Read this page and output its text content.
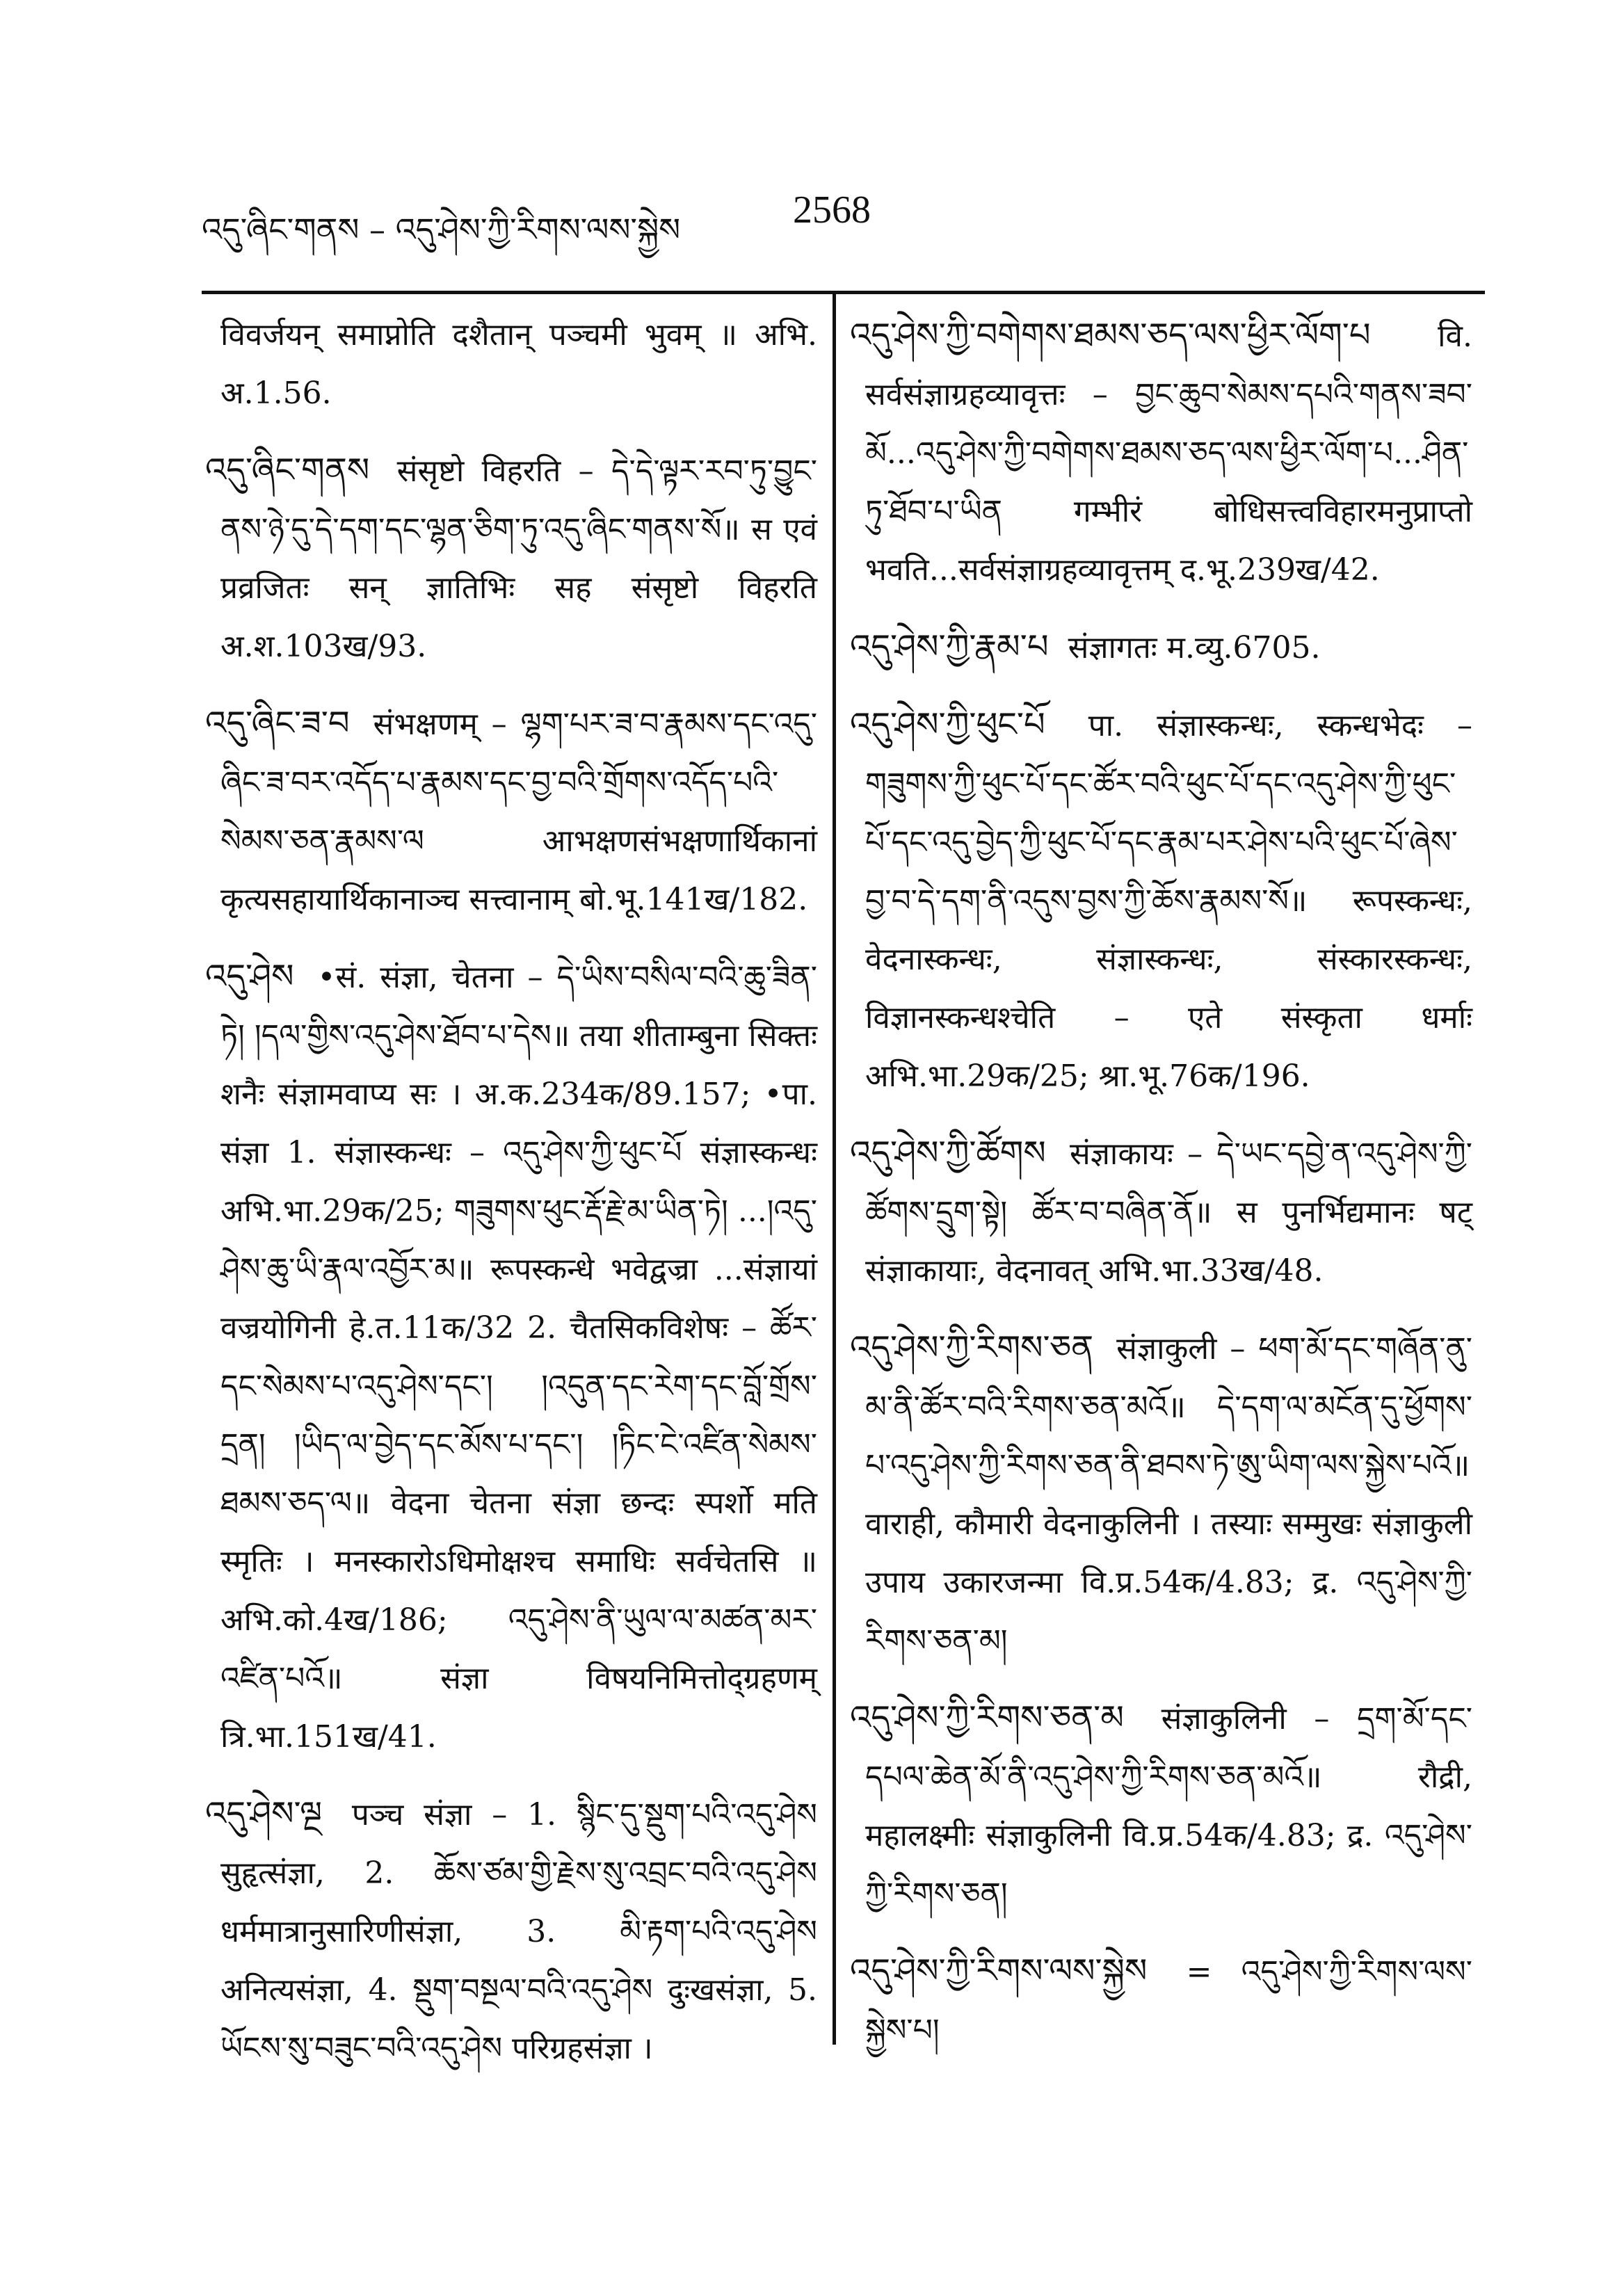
འདུ་ཞིང་གནས – འདུ་ཤེས་ཀྱི་རིགས་ལས་སྐྱེས	2568

विवर्जयन् समाप्नोति दशैतान् पञ्चमी भुवम् ॥ अभि. अ.1.56.

འདུ་ཞིང་གནས संसृष्टो विहरति – དེ་དེ་ལྟར་རབ་ཏུ་བྱུང་ནས་ཉེ་དུ་དེ་དག་དང་ལྷན་ཅིག་ཏུ་འདུ་ཞིང་གནས་སོ॥ स एवं प्रव्रजितः सन् ज्ञातिभिः सह संसृष्टो विहरति अ.श.103ख/93.

འདུ་ཞིང་ཟ་བ संभक्षणम् – ལྷག་པར་ཟ་བ་རྣམས་དང་འདུ་ཞིང་ཟ་བར་འདོད་པ་རྣམས་དང་བྱ་བའི་གྲོགས་འདོད་པའི་སེམས་ཅན་རྣམས་ལ आभक्षणसंभक्षणार्थिकानां कृत्यसहायार्थिकानाञ्च सत्त्वानाम् बो.भू.141ख/182.

འདུ་ཤེས •सं. संज्ञा, चेतना – དེ་ཡིས་བསིལ་བའི་ཆུ་ཟིན་ཏེ། །དལ་གྱིས་འདུ་ཤེས་ཐོབ་པ་དེས॥ तया शीताम्बुना सिक्तः शनैः संज्ञामवाप्य सः । अ.क.234क/89.157; •पा. संज्ञा 1. संज्ञास्कन्धः – འདུ་ཤེས་ཀྱི་ཕུང་པོ संज्ञास्कन्धः अभि.भा.29क/25; གཟུགས་ཕུང་རྡོ་རྗེ་མ་ཡིན་ཏེ། ...།འདུ་ཤེས་ཆུ་ཡི་རྣལ་འབྱོར་མ॥ रूपस्कन्धे भवेद्वज्रा ...संज्ञायां वज्रयोगिनी हे.त.11क/32 2. चैतसिकविशेषः – ཚོར་དང་སེམས་པ་འདུ་ཤེས་དང་། །འདུན་དང་རེག་དང་བློ་གྲོས་དྲན། །ཡིད་ལ་བྱེད་དང་མོས་པ་དང་། །ཏིང་ངེ་འཛིན་སེམས་ཐམས་ཅད་ལ॥ वेदना चेतना संज्ञा छन्दः स्पर्शो मति स्मृतिः । मनस्कारोऽधिमोक्षश्च समाधिः सर्वचेतसि ॥ अभि.को.4ख/186; འདུ་ཤེས་ནི་ཡུལ་ལ་མཚན་མར་འཛིན་པའོ॥ संज्ञा विषयनिमित्तोद्ग्रहणम् त्रि.भा.151ख/41.

འདུ་ཤེས་ལྔ पञ्च संज्ञा – 1. སྙིང་དུ་སྡུག་པའི་འདུ་ཤེས सुहृत्संज्ञा, 2. ཆོས་ཙམ་གྱི་རྗེས་སུ་འབྲང་བའི་འདུ་ཤེས धर्ममात्रानुसारिणीसंज्ञा, 3. མི་རྟག་པའི་འདུ་ཤེས अनित्यसंज्ञा, 4. སྡུག་བསྔལ་བའི་འདུ་ཤེས दुःखसंज्ञा, 5. ཡོངས་སུ་བཟུང་བའི་འདུ་ཤེས परिग्रहसंज्ञा ।

འདུ་ཤེས་ཀྱི་བགེགས་ཐམས་ཅད་ལས་ཕྱིར་ལོག་པ वि. सर्वसंज्ञाग्रहव्यावृत्तः – བྱང་ཆུབ་སེམས་དཔའི་གནས་ཟབ་མོ...འདུ་ཤེས་ཀྱི་བགེགས་ཐམས་ཅད་ལས་ཕྱིར་ལོག་པ...ཤིན་ཏུ་ཐོབ་པ་ཡིན गम्भीरं बोधिसत्त्वविहारमनुप्राप्तो भवति...सर्वसंज्ञाग्रहव्यावृत्तम् द.भू.239ख/42.

འདུ་ཤེས་ཀྱི་རྣམ་པ संज्ञागतः म.व्यु.6705.

འདུ་ཤེས་ཀྱི་ཕུང་པོ पा. संज्ञास्कन्धः, स्कन्धभेदः – གཟུགས་ཀྱི་ཕུང་པོ་དང་ཚོར་བའི་ཕུང་པོ་དང་འདུ་ཤེས་ཀྱི་ཕུང་པོ་དང་འདུ་བྱེད་ཀྱི་ཕུང་པོ་དང་རྣམ་པར་ཤེས་པའི་ཕུང་པོ་ཞེས་བྱ་བ་དེ་དག་ནི་འདུས་བྱས་ཀྱི་ཆོས་རྣམས་སོ॥ रूपस्कन्धः, वेदनास्कन्धः, संज्ञास्कन्धः, संस्कारस्कन्धः, विज्ञानस्कन्धश्चेति – एते संस्कृता धर्माः अभि.भा.29क/25; श्रा.भू.76क/196.

འདུ་ཤེས་ཀྱི་ཚོགས संज्ञाकायः – དེ་ཡང་དབྱེ་ན་འདུ་ཤེས་ཀྱི་ཚོགས་དྲུག་སྟེ། ཚོར་བ་བཞིན་ནོ॥ स पुनर्भिद्यमानः षट् संज्ञाकायाः, वेदनावत् अभि.भा.33ख/48.

འདུ་ཤེས་ཀྱི་རིགས་ཅན संज्ञाकुली – ཕག་མོ་དང་གཞོན་ནུ་མ་ནི་ཚོར་བའི་རིགས་ཅན་མའོ॥ དེ་དག་ལ་མངོན་དུ་ཕྱོགས་པ་འདུ་ཤེས་ཀྱི་རིགས་ཅན་ནི་ཐབས་ཏེ་ཨུ་ཡིག་ལས་སྐྱེས་པའོ॥ वाराही, कौमारी वेदनाकुलिनी । तस्याः सम्मुखः संज्ञाकुली उपाय उकारजन्मा वि.प्र.54क/4.83; द्र. འདུ་ཤེས་ཀྱི་རིགས་ཅན་མ།

འདུ་ཤེས་ཀྱི་རིགས་ཅན་མ संज्ञाकुलिनी – དྲག་མོ་དང་དཔལ་ཆེན་མོ་ནི་འདུ་ཤེས་ཀྱི་རིགས་ཅན་མའོ॥ रौद्री, महालक्ष्मीः संज्ञाकुलिनी वि.प्र.54क/4.83; द्र. འདུ་ཤེས་ཀྱི་རིགས་ཅན།

འདུ་ཤེས་ཀྱི་རིགས་ལས་སྐྱེས = འདུ་ཤེས་ཀྱི་རིགས་ལས་སྐྱེས་པ།
